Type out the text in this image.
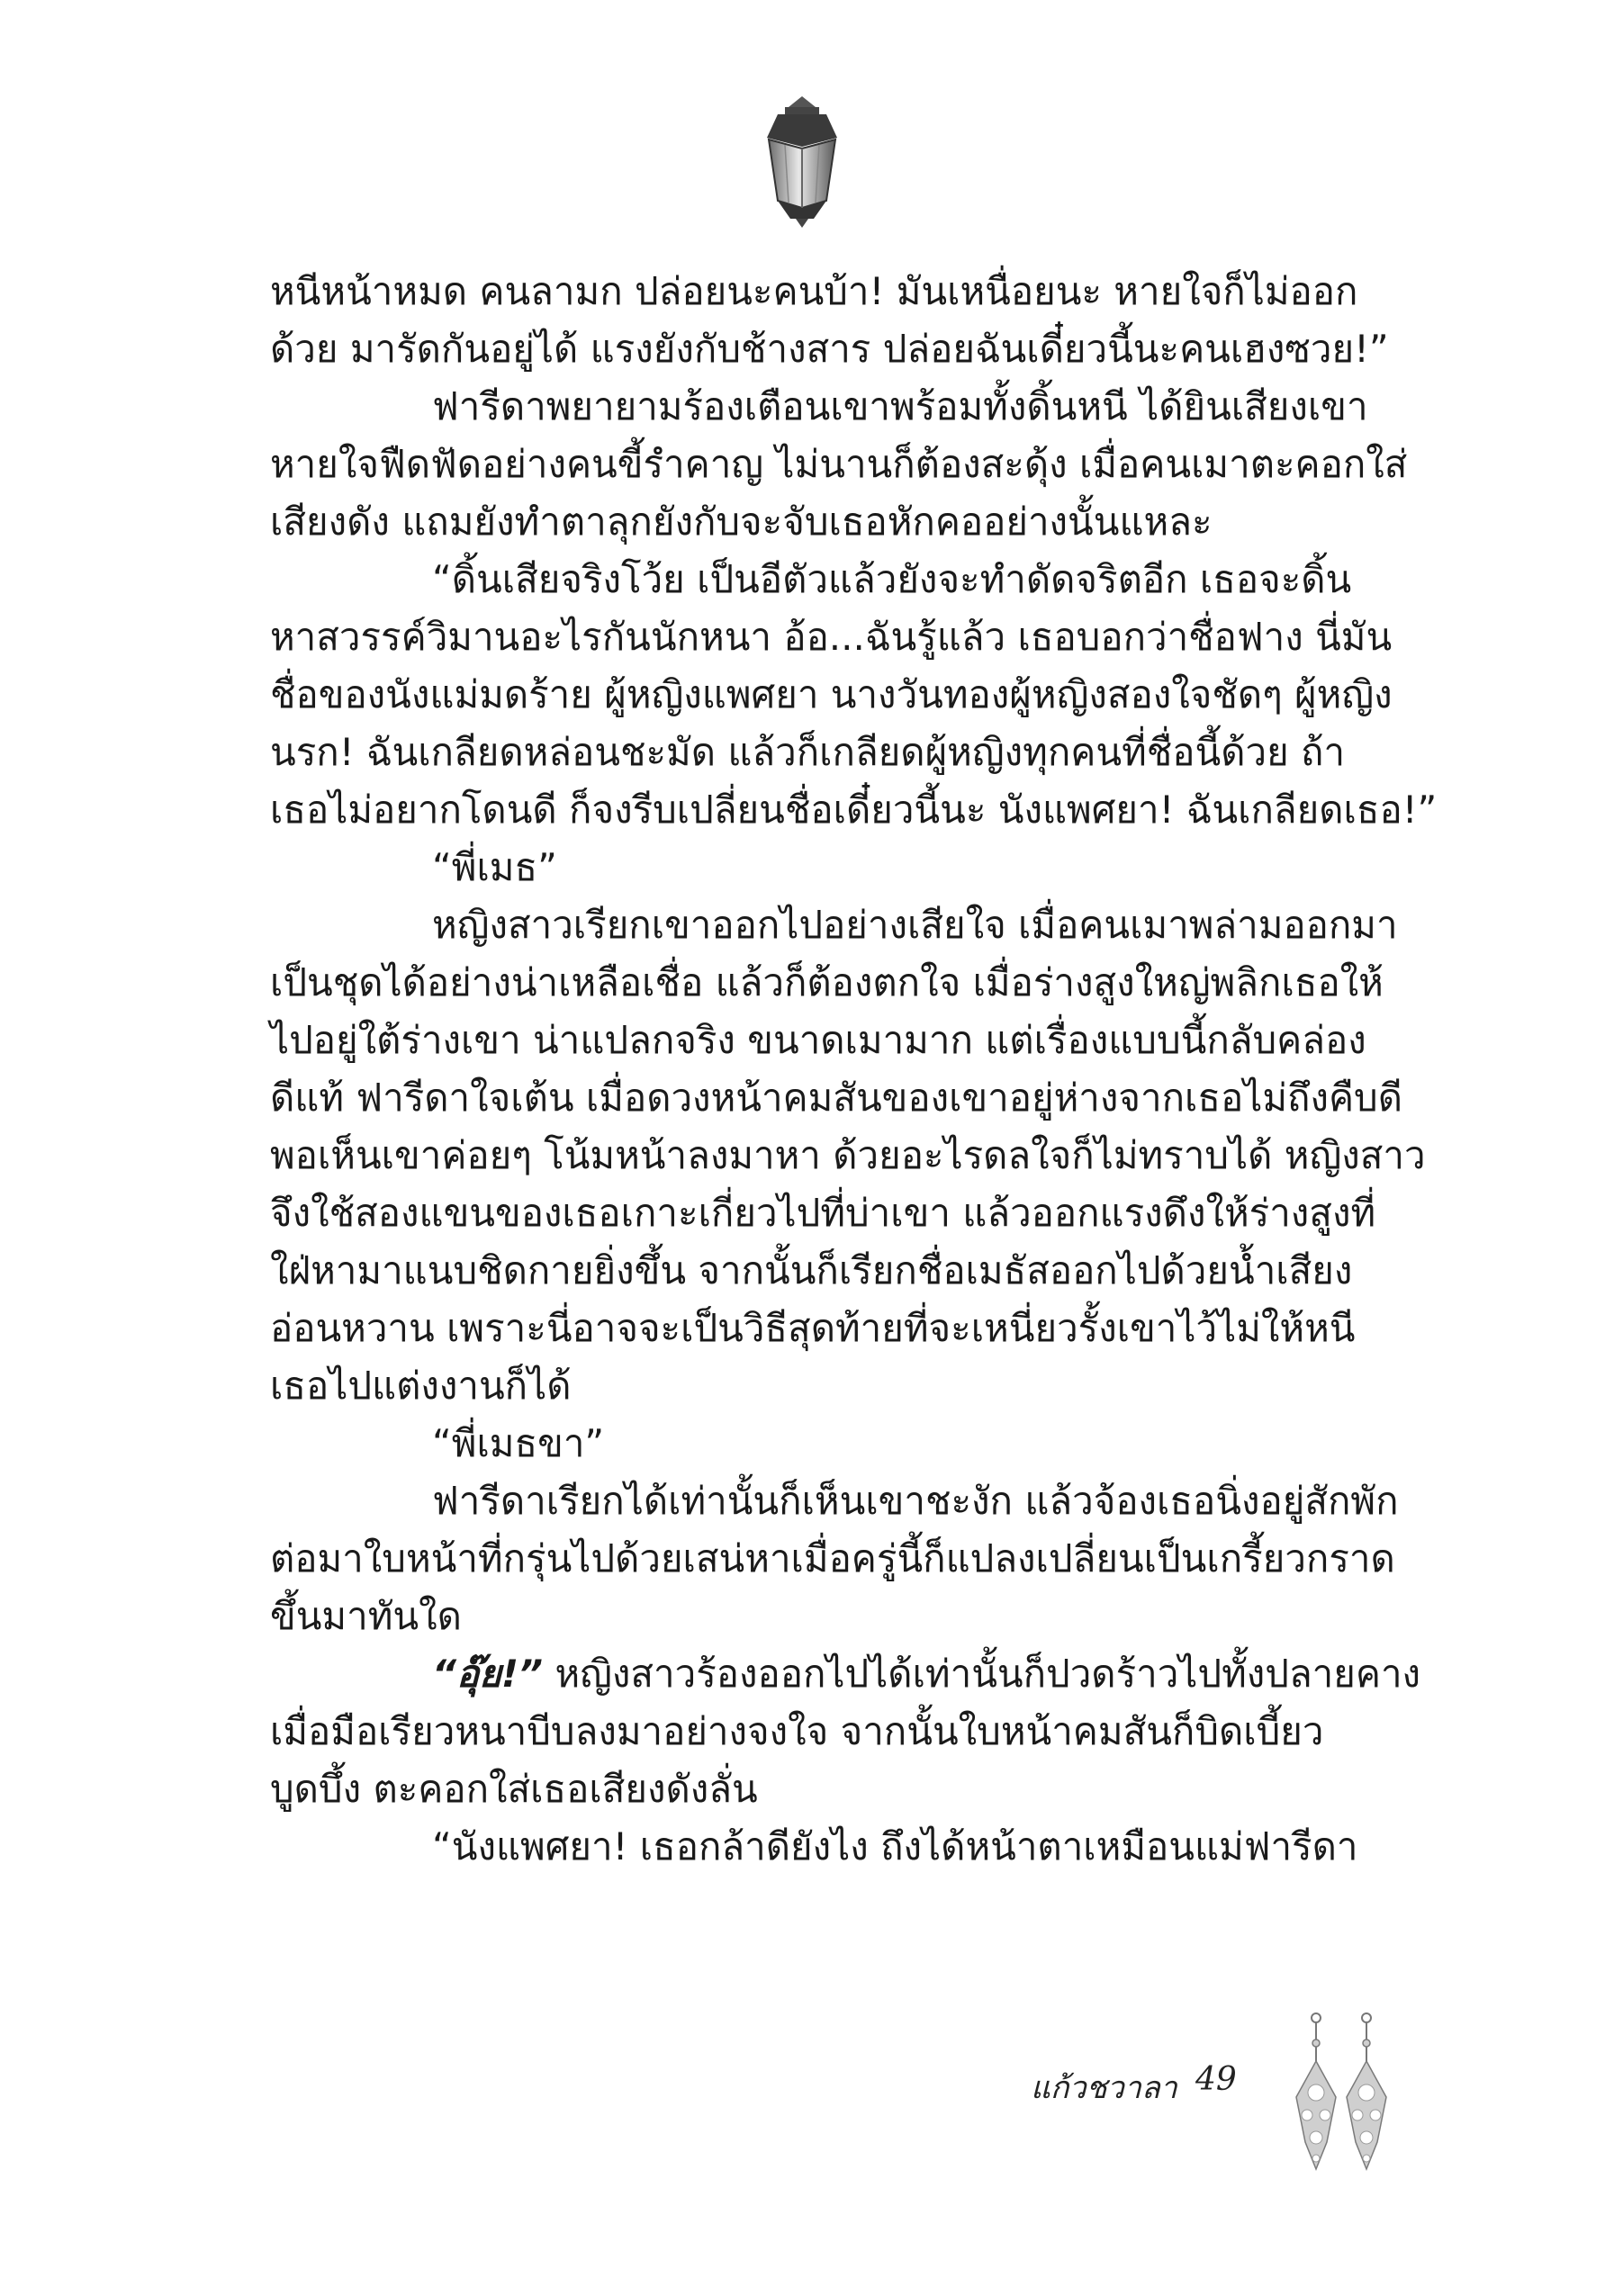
หนีหน้าหมด คนลามก ปล่อยนะคนบ้า! มันเหนื่อยนะ หายใจก็ไม่ออก
ด้วย มารัดกันอยู่ได้ แรงยังกับช้างสาร ปล่อยฉันเดี๋ยวนี้นะคนเฮงซวย!”
ฟารีดาพยายามร้องเตือนเขาพร้อมทั้งดิ้นหนี ได้ยินเสียงเขา
หายใจฟืดฟัดอย่างคนขี้รำคาญ ไม่นานก็ต้องสะดุ้ง เมื่อคนเมาตะคอกใส่
เสียงดัง แถมยังทำตาลุกยังกับจะจับเธอหักคออย่างนั้นแหละ
“ดิ้นเสียจริงโว้ย เป็นอีตัวแล้วยังจะทำดัดจริตอีก เธอจะดิ้น
หาสวรรค์วิมานอะไรกันนักหนา อ้อ...ฉันรู้แล้ว เธอบอกว่าชื่อฟาง นี่มัน
ชื่อของนังแม่มดร้าย ผู้หญิงแพศยา นางวันทองผู้หญิงสองใจชัดๆ ผู้หญิง
นรก! ฉันเกลียดหล่อนชะมัด แล้วก็เกลียดผู้หญิงทุกคนที่ชื่อนี้ด้วย ถ้า
เธอไม่อยากโดนดี ก็จงรีบเปลี่ยนชื่อเดี๋ยวนี้นะ นังแพศยา! ฉันเกลียดเธอ!”
“พี่เมธ”
หญิงสาวเรียกเขาออกไปอย่างเสียใจ เมื่อคนเมาพล่ามออกมา
เป็นชุดได้อย่างน่าเหลือเชื่อ แล้วก็ต้องตกใจ เมื่อร่างสูงใหญ่พลิกเธอให้
ไปอยู่ใต้ร่างเขา น่าแปลกจริง ขนาดเมามาก แต่เรื่องแบบนี้กลับคล่อง
ดีแท้ ฟารีดาใจเต้น เมื่อดวงหน้าคมสันของเขาอยู่ห่างจากเธอไม่ถึงคืบดี
พอเห็นเขาค่อยๆ โน้มหน้าลงมาหา ด้วยอะไรดลใจก็ไม่ทราบได้ หญิงสาว
จึงใช้สองแขนของเธอเกาะเกี่ยวไปที่บ่าเขา แล้วออกแรงดึงให้ร่างสูงที่
ใฝ่หามาแนบชิดกายยิ่งขึ้น จากนั้นก็เรียกชื่อเมธัสออกไปด้วยน้ำเสียง
อ่อนหวาน เพราะนี่อาจจะเป็นวิธีสุดท้ายที่จะเหนี่ยวรั้งเขาไว้ไม่ให้หนี
เธอไปแต่งงานก็ได้
“พี่เมธขา”
ฟารีดาเรียกได้เท่านั้นก็เห็นเขาชะงัก แล้วจ้องเธอนิ่งอยู่สักพัก
ต่อมาใบหน้าที่กรุ่นไปด้วยเสน่หาเมื่อครู่นี้ก็แปลงเปลี่ยนเป็นเกรี้ยวกราด
ขึ้นมาทันใด
“อุ๊ย!” หญิงสาวร้องออกไปได้เท่านั้นก็ปวดร้าวไปทั้งปลายคาง
เมื่อมือเรียวหนาบีบลงมาอย่างจงใจ จากนั้นใบหน้าคมสันก็บิดเบี้ยว
บูดบึ้ง ตะคอกใส่เธอเสียงดังลั่น
“นังแพศยา! เธอกล้าดียังไง ถึงได้หน้าตาเหมือนแม่ฟารีดา
แก้วชวาลา 49
